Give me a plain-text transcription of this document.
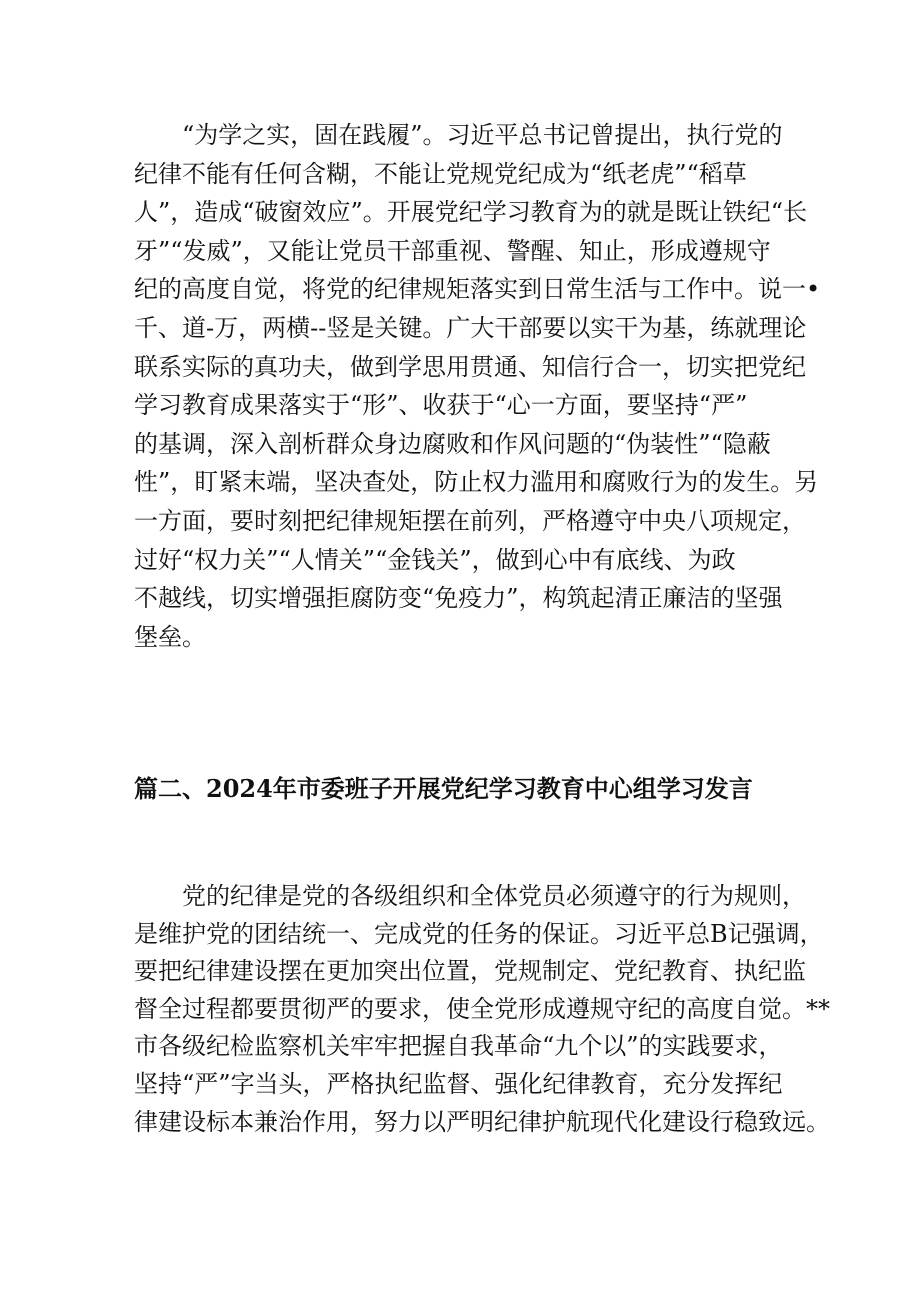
“为学之实，固在践履”。习近平总书记曾提出，执行党的
纪律不能有任何含糊，不能让党规党纪成为“纸老虎”“稻草
人”，造成“破窗效应”。开展党纪学习教育为的就是既让铁纪“长
牙”“发威”，又能让党员干部重视、警醒、知止，形成遵规守
纪的高度自觉，将党的纪律规矩落实到日常生活与工作中。说一•
千、道-万，两横--竖是关键。广大干部要以实干为基，练就理论
联系实际的真功夫，做到学思用贯通、知信行合一，切实把党纪
学习教育成果落实于“形”、收获于“心一方面，要坚持“严”
的基调，深入剖析群众身边腐败和作风问题的“伪装性”“隐蔽
性”，盯紧末端，坚决查处，防止权力滥用和腐败行为的发生。另
一方面，要时刻把纪律规矩摆在前列，严格遵守中央八项规定，
过好“权力关”“人情关”“金钱关”，做到心中有底线、为政
不越线，切实增强拒腐防变“免疫力”，构筑起清正廉洁的坚强
堡垒。

篇二、2024年市委班子开展党纪学习教育中心组学习发言

党的纪律是党的各级组织和全体党员必须遵守的行为规则，
是维护党的团结统一、完成党的任务的保证。习近平总B记强调，
要把纪律建设摆在更加突出位置，党规制定、党纪教育、执纪监
督全过程都要贯彻严的要求，使全党形成遵规守纪的高度自觉。**
市各级纪检监察机关牢牢把握自我革命“九个以”的实践要求，
坚持“严”字当头，严格执纪监督、强化纪律教育，充分发挥纪
律建设标本兼治作用，努力以严明纪律护航现代化建设行稳致远。
